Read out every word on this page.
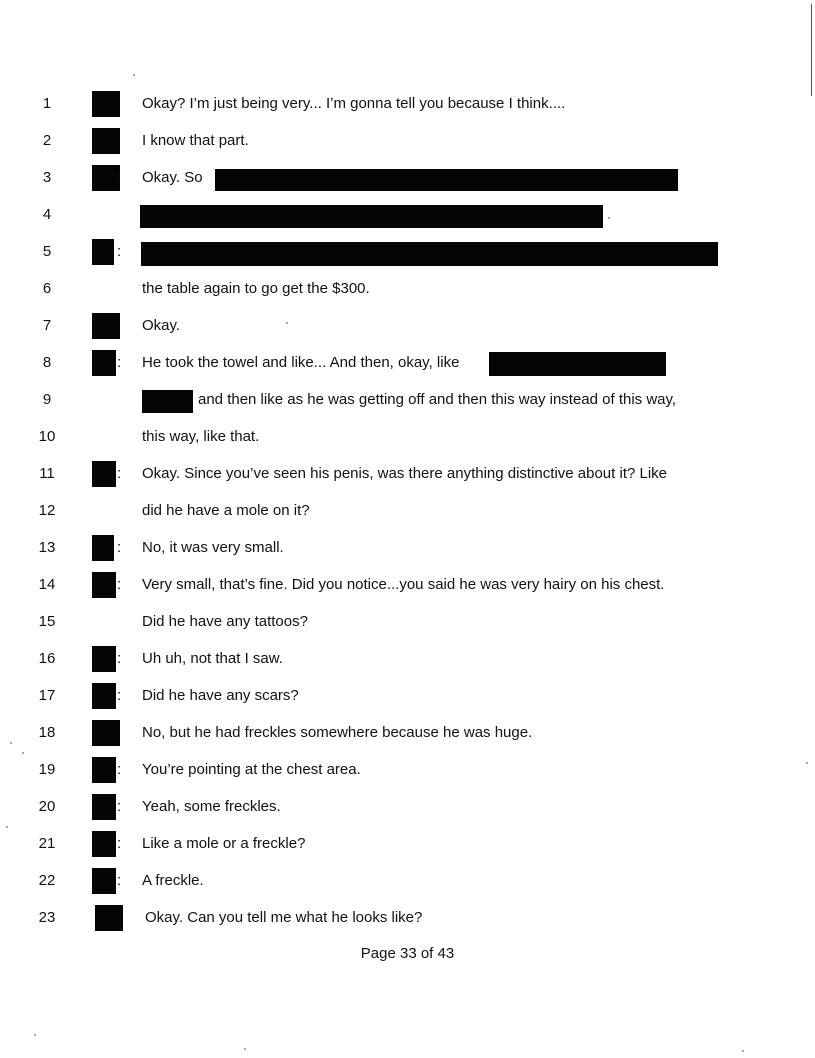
1	Okay? I’m just being very... I’m gonna tell you because I think....
2	I know that part.
3	: Okay. So
4
5	:
6	the table again to go get the $300.
7	Okay.
8	: He took the towel and like... And then, okay, like
9	and then like as he was getting off and then this way instead of this way,
10	this way, like that.
11	: Okay. Since you’ve seen his penis, was there anything distinctive about it? Like
12	did he have a mole on it?
13	: No, it was very small.
14	: Very small, that’s fine. Did you notice...you said he was very hairy on his chest.
15	Did he have any tattoos?
16	: Uh uh, not that I saw.
17	: Did he have any scars?
18	No, but he had freckles somewhere because he was huge.
19	: You’re pointing at the chest area.
20	: Yeah, some freckles.
21	: Like a mole or a freckle?
22	: A freckle.
23	Okay. Can you tell me what he looks like?
Page 33 of 43
